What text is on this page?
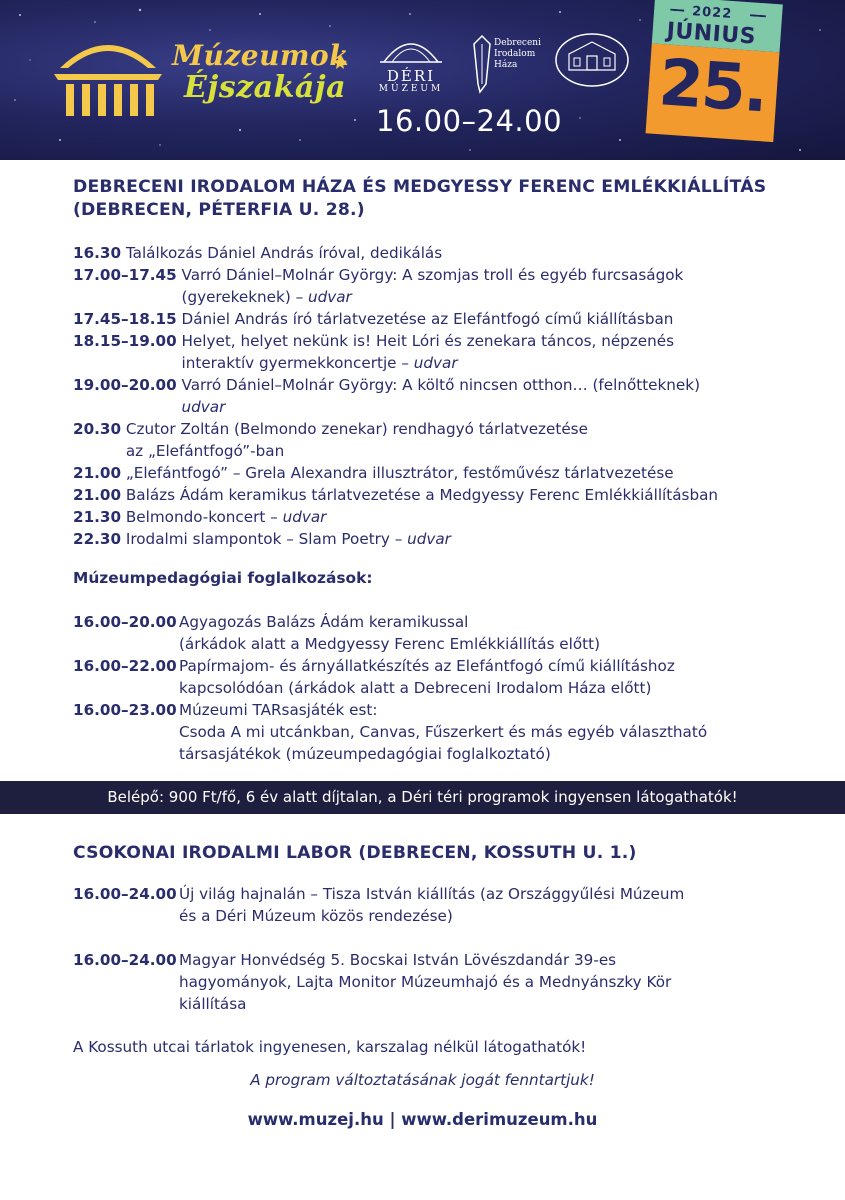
Múzeumok
Éjszakája	DÉRI
MÚZEUM
Debreceni Irodalom Háza
16.00–24.00
2022
JÚNIUS
25.
DEBRECENI IRODALOM HÁZA ÉS MEDGYESSY FERENC EMLÉKKIÁLLÍTÁS
(DEBRECEN, PÉTERFIA U. 28.)
16.30
Találkozás Dániel András íróval, dedikálás
17.00–17.45
Varró Dániel–Molnár György: A szomjas troll és egyéb furcsaságok
(gyerekeknek) – udvar
17.45–18.15
Dániel András író tárlatvezetése az Elefántfogó című kiállításban
18.15–19.00
Helyet, helyet nekünk is! Heit Lóri és zenekara táncos, népzenés
interaktív gyermekkoncertje – udvar
19.00–20.00
Varró Dániel–Molnár György: A költő nincsen otthon… (felnőtteknek)
udvar
20.30
Czutor Zoltán (Belmondo zenekar) rendhagyó tárlatvezetése
az „Elefántfogó”-ban
21.00
„Elefántfogó” – Grela Alexandra illusztrátor, festőművész tárlatvezetése
21.00
Balázs Ádám keramikus tárlatvezetése a Medgyessy Ferenc Emlékkiállításban
21.30
Belmondo-koncert – udvar
22.30
Irodalmi slampontok – Slam Poetry – udvar
Múzeumpedagógiai foglalkozások:
16.00–20.00 Agyagozás Balázs Ádám keramikussal
(árkádok alatt a Medgyessy Ferenc Emlékkiállítás előtt)
16.00–22.00 Papírmajom- és árnyállatkészítés az Elefántfogó című kiállításhoz
kapcsolódóan (árkádok alatt a Debreceni Irodalom Háza előtt)
16.00–23.00 Múzeumi TARsasjáték est:
Csoda A mi utcánkban, Canvas, Fűszerkert és más egyéb választható
társasjátékok (múzeumpedagógiai foglalkoztató)
Belépő: 900 Ft/fő, 6 év alatt díjtalan, a Déri téri programok ingyensen látogathatók!
CSOKONAI IRODALMI LABOR (DEBRECEN, KOSSUTH U. 1.)
16.00–24.00 Új világ hajnalán – Tisza István kiállítás (az Országgyűlési Múzeum
és a Déri Múzeum közös rendezése)
16.00–24.00 Magyar Honvédség 5. Bocskai István Lövészdandár 39-es
hagyományok, Lajta Monitor Múzeumhajó és a Mednyánszky Kör
kiállítása
A Kossuth utcai tárlatok ingyenesen, karszalag nélkül látogathatók!
A program változtatásának jogát fenntartjuk!
www.muzej.hu | www.derimuzeum.hu
